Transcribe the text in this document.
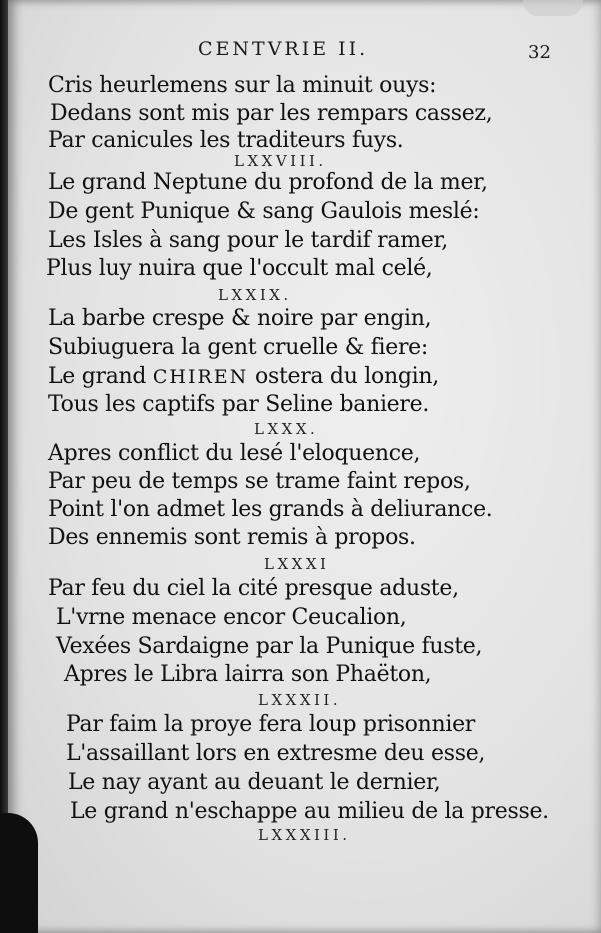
CENTVRIE II.	32
Cris heurlemens sur la minuit ouys:
Dedans sont mis par les rempars cassez,
Par canicules les traditeurs fuys.
LXXVIII.
Le grand Neptune du profond de la mer,
De gent Punique & sang Gaulois meslé:
Les Isles à sang pour le tardif ramer,
Plus luy nuira que l'occult mal celé,
LXXIX.
La barbe crespe & noire par engin,
Subiuguera la gent cruelle & fiere:
Le grand CHIREN ostera du longin,
Tous les captifs par Seline baniere.
LXXX.
Apres conflict du lesé l'eloquence,
Par peu de temps se trame faint repos,
Point l'on admet les grands à deliurance.
Des ennemis sont remis à propos.
LXXXI
Par feu du ciel la cité presque aduste,
L'vrne menace encor Ceucalion,
Vexées Sardaigne par la Punique fuste,
Apres le Libra lairra son Phaëton,
LXXXII.
Par faim la proye fera loup prisonnier
L'assaillant lors en extresme deu esse,
Le nay ayant au deuant le dernier,
Le grand n'eschappe au milieu de la presse.
LXXXIII.
